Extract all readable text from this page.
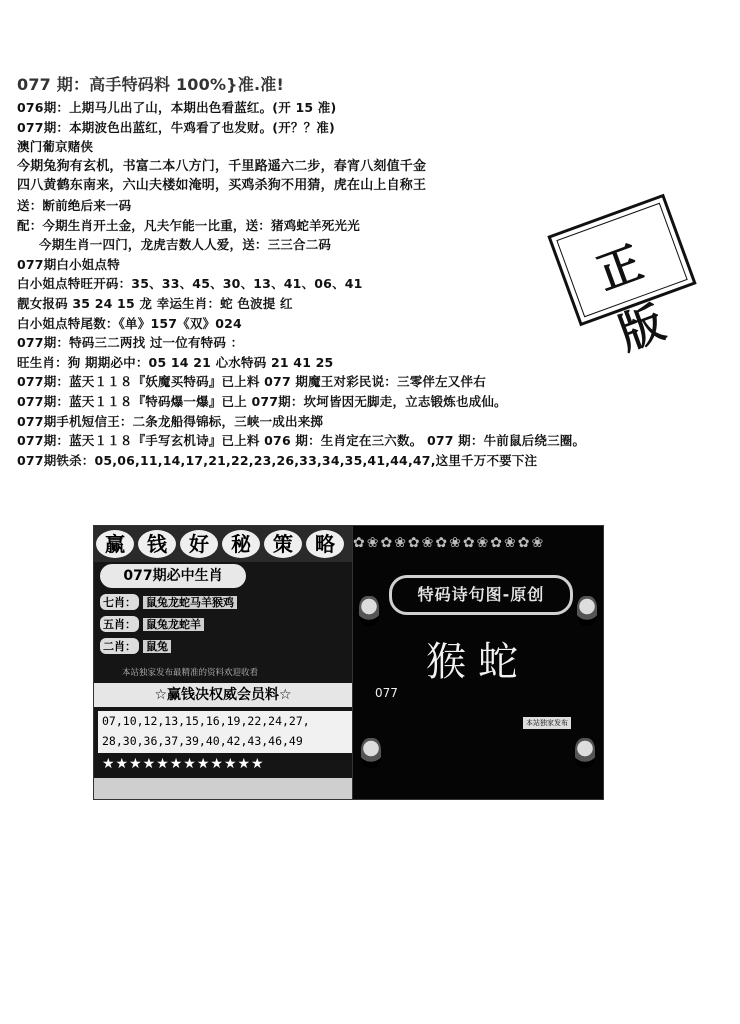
077 期：高手特码料 100%}准.准!
076期：上期马儿出了山，本期出色看蓝红。(开 15 准)
077期：本期波色出蓝红，牛鸡看了也发财。(开？？准)
澳门葡京赌侠
今期兔狗有玄机，书富二本八方门，千里路遥六二步，春宵八刻值千金
四八黄鹤东南来，六山夫楼如淹明，买鸡杀狗不用猜，虎在山上自称王
送：断前绝后来一码
配：今期生肖开土金，凡夫乍能一比重，送：猪鸡蛇羊死光光
今期生肖一四门，龙虎吉数人人爱，送：三三合二码
077期白小姐点特
白小姐点特旺开码：35、33、45、30、13、41、06、41
靓女报码 35 24 15 龙 幸运生肖：蛇 色波提 红
白小姐点特尾数：《单》157《双》024
077期：特码三二两找 过一位有特码 ：
旺生肖：狗 期期必中：05 14 21 心水特码 21 41 25
077期：蓝天１１８『妖魔买特码』已上料 077 期魔王对彩民说：三零伴左又伴右
077期：蓝天１１８『特码爆一爆』已上 077期：坎坷皆因无脚走，立志锻炼也成仙。
077期手机短信王：二条龙船得锦标，三峡一成出来掷
077期：蓝天１１８『手写玄机诗』已上料 076 期：生肖定在三六数。 077 期：牛前鼠后绕三圈。
077期铁杀：05,06,11,14,17,21,22,23,26,33,34,35,41,44,47,这里千万不要下注
正 版
赢	钱	好	秘	策	略
077期必中生肖
七肖： 鼠兔龙蛇马羊猴鸡
五肖： 鼠兔龙蛇羊
二肖： 鼠兔
本站独家发布最精准的资料欢迎收看
☆赢钱决权威会员料☆
07,10,12,13,15,16,19,22,24,27,
28,30,36,37,39,40,42,43,46,49
★★★★★★★★★★★★
✿❀✿❀✿❀✿❀✿❀✿❀✿❀
特码诗句图-原创
猴蛇
077
本站独家发布
